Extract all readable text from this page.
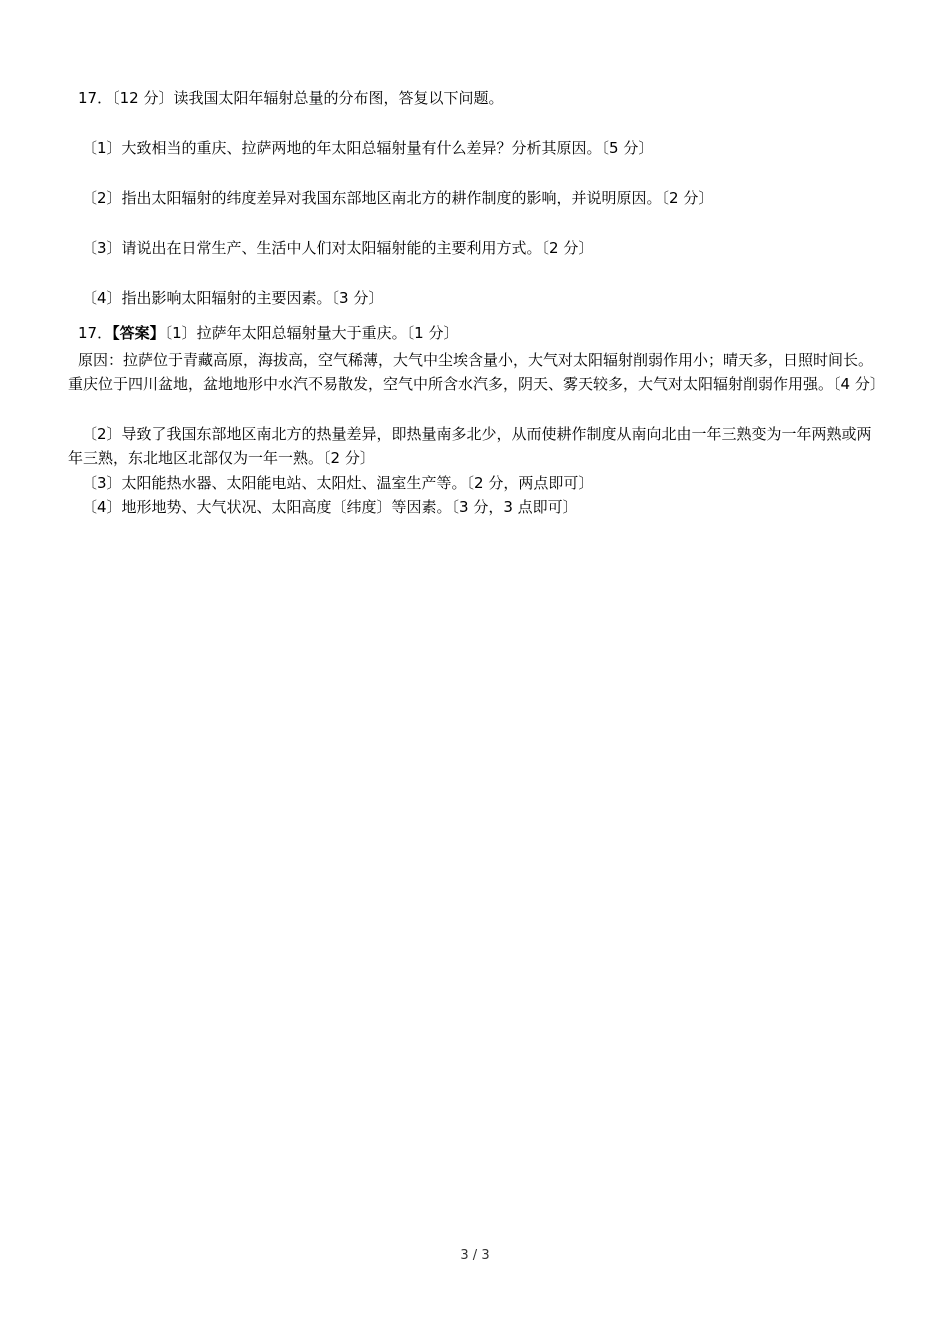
17．〔12 分〕读我国太阳年辐射总量的分布图，答复以下问题。
〔1〕大致相当的重庆、拉萨两地的年太阳总辐射量有什么差异？分析其原因。〔5 分〕
〔2〕指出太阳辐射的纬度差异对我国东部地区南北方的耕作制度的影响，并说明原因。〔2 分〕
〔3〕请说出在日常生产、生活中人们对太阳辐射能的主要利用方式。〔2 分〕
〔4〕指出影响太阳辐射的主要因素。〔3 分〕
17．【答案】〔1〕拉萨年太阳总辐射量大于重庆。〔1 分〕
原因：拉萨位于青藏高原，海拔高，空气稀薄，大气中尘埃含量小，大气对太阳辐射削弱作用小；晴天多，日照时间长。重庆位于四川盆地，盆地地形中水汽不易散发，空气中所含水汽多，阴天、雾天较多，大气对太阳辐射削弱作用强。〔4 分〕
〔2〕导致了我国东部地区南北方的热量差异，即热量南多北少，从而使耕作制度从南向北由一年三熟变为一年两熟或两年三熟，东北地区北部仅为一年一熟。〔2 分〕
〔3〕太阳能热水器、太阳能电站、太阳灶、温室生产等。〔2 分，两点即可〕
〔4〕地形地势、大气状况、太阳高度〔纬度〕等因素。〔3 分，3 点即可〕
3 / 3
